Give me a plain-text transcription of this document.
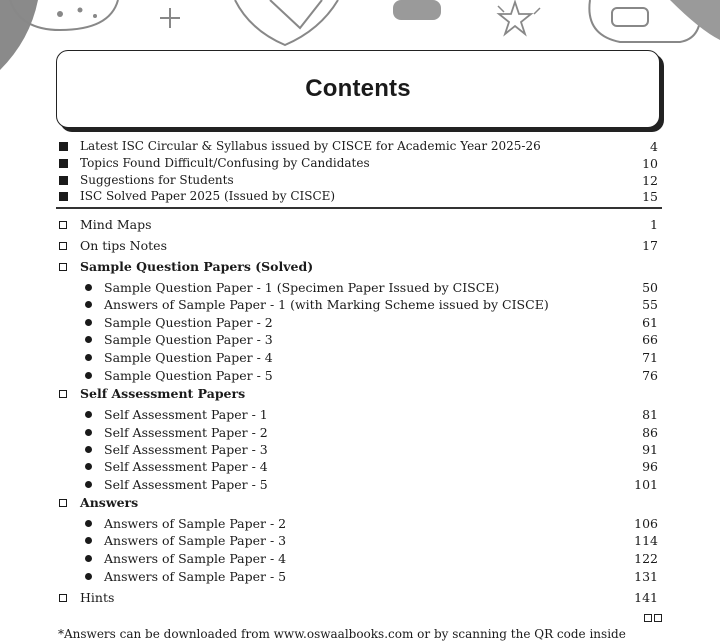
Contents
Latest ISC Circular & Syllabus issued by CISCE for Academic Year 2025-26	4
Topics Found Difficult/Confusing by Candidates	10
Suggestions for Students	12
ISC Solved Paper 2025 (Issued by CISCE)	15
Mind Maps	1
On tips Notes	17
Sample Question Papers (Solved)
Sample Question Paper - 1 (Specimen Paper Issued by CISCE)	50
Answers of Sample Paper - 1 (with Marking Scheme issued by CISCE)	55
Sample Question Paper - 2	61
Sample Question Paper - 3	66
Sample Question Paper - 4	71
Sample Question Paper - 5	76
Self Assessment Papers
Self Assessment Paper - 1	81
Self Assessment Paper - 2	86
Self Assessment Paper - 3	91
Self Assessment Paper - 4	96
Self Assessment Paper - 5	101
Answers
Answers of Sample Paper - 2	106
Answers of Sample Paper - 3	114
Answers of Sample Paper - 4	122
Answers of Sample Paper - 5	131
Hints	141
*Answers can be downloaded from www.oswaalbooks.com or by scanning the QR code inside
